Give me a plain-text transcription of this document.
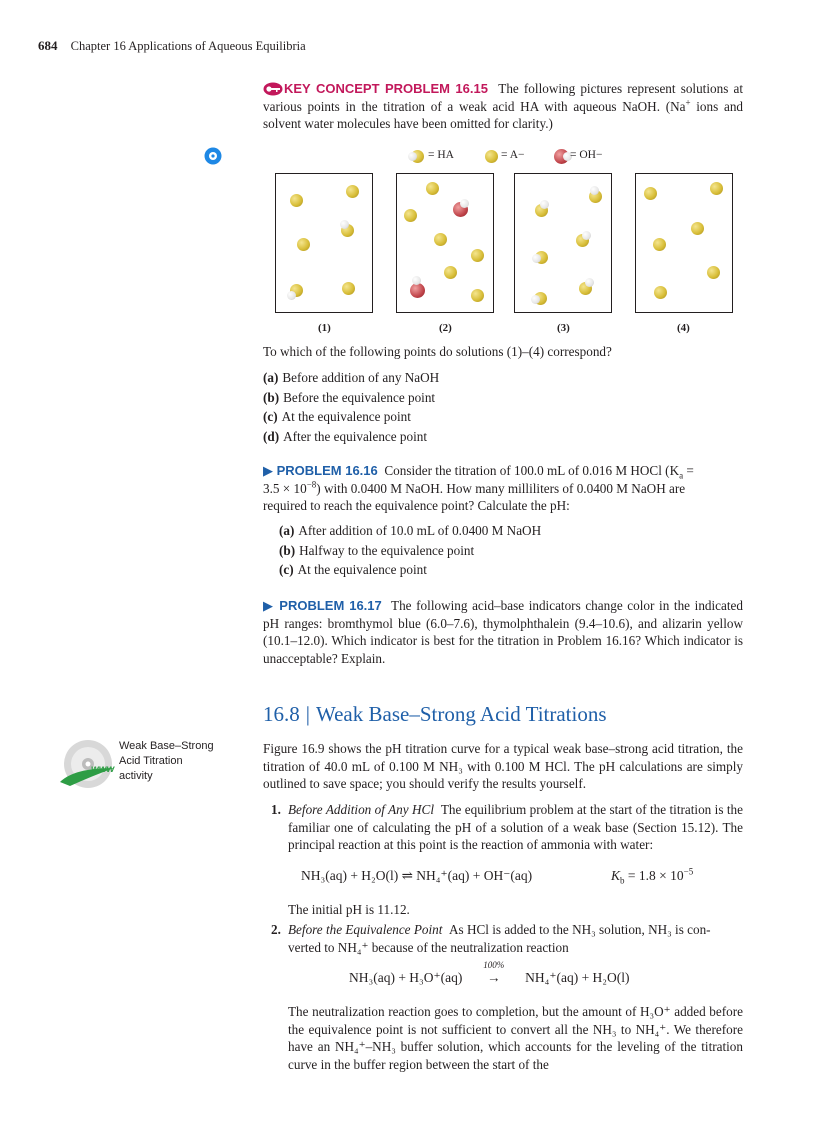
684 Chapter 16 Applications of Aqueous Equilibria
KEY CONCEPT PROBLEM 16.15 The following pictures represent solutions at various points in the titration of a weak acid HA with aqueous NaOH. (Na+ ions and solvent water molecules have been omitted for clarity.)
= HA	= A−	= OH−
(1)	(2)	(3)	(4)
To which of the following points do solutions (1)–(4) correspond?
(a) Before addition of any NaOH
(b) Before the equivalence point
(c) At the equivalence point
(d) After the equivalence point
▶ PROBLEM 16.16 Consider the titration of 100.0 mL of 0.016 M HOCl ($K_a$ =
$3.5 \times 10^{-8}$) with 0.0400 M NaOH. How many milliliters of 0.0400 M NaOH are
required to reach the equivalence point? Calculate the pH:
(a) After addition of 10.0 mL of 0.0400 M NaOH
(b) Halfway to the equivalence point
(c) At the equivalence point
▶ PROBLEM 16.17 The following acid–base indicators change color in the indicated pH ranges: bromthymol blue (6.0–7.6), thymolphthalein (9.4–10.6), and alizarin yellow (10.1–12.0). Which indicator is best for the titration in Problem 16.16? Which indicator is unacceptable? Explain.
16.8 | Weak Base–Strong Acid Titrations
www
Weak Base–Strong
Acid Titration
activity
Figure 16.9 shows the pH titration curve for a typical weak base–strong acid titration, the titration of 40.0 mL of 0.100 M NH₃ with 0.100 M HCl. The pH calculations are simply outlined to save space; you should verify the results yourself.
1. Before Addition of Any HCl The equilibrium problem at the start of the titration is the familiar one of calculating the pH of a solution of a weak base (Section 15.12). The principal reaction at this point is the reaction of ammonia with water:
NH₃(aq) + H₂O(l) ⇌ NH₄⁺(aq) + OH⁻(aq)	$K_b = 1.8 \times 10^{-5}$
The initial pH is 11.12.
2. Before the Equivalence Point As HCl is added to the NH₃ solution, NH₃ is con-
verted to NH₄⁺ because of the neutralization reaction
NH₃(aq) + H₃O⁺(aq)
100%
→ NH₄⁺(aq) + H₂O(l)
The neutralization reaction goes to completion, but the amount of H₃O⁺ added before the equivalence point is not sufficient to convert all the NH₃ to NH₄⁺. We therefore have an NH₄⁺–NH₃ buffer solution, which accounts for the leveling of the titration curve in the buffer region between the start of the
